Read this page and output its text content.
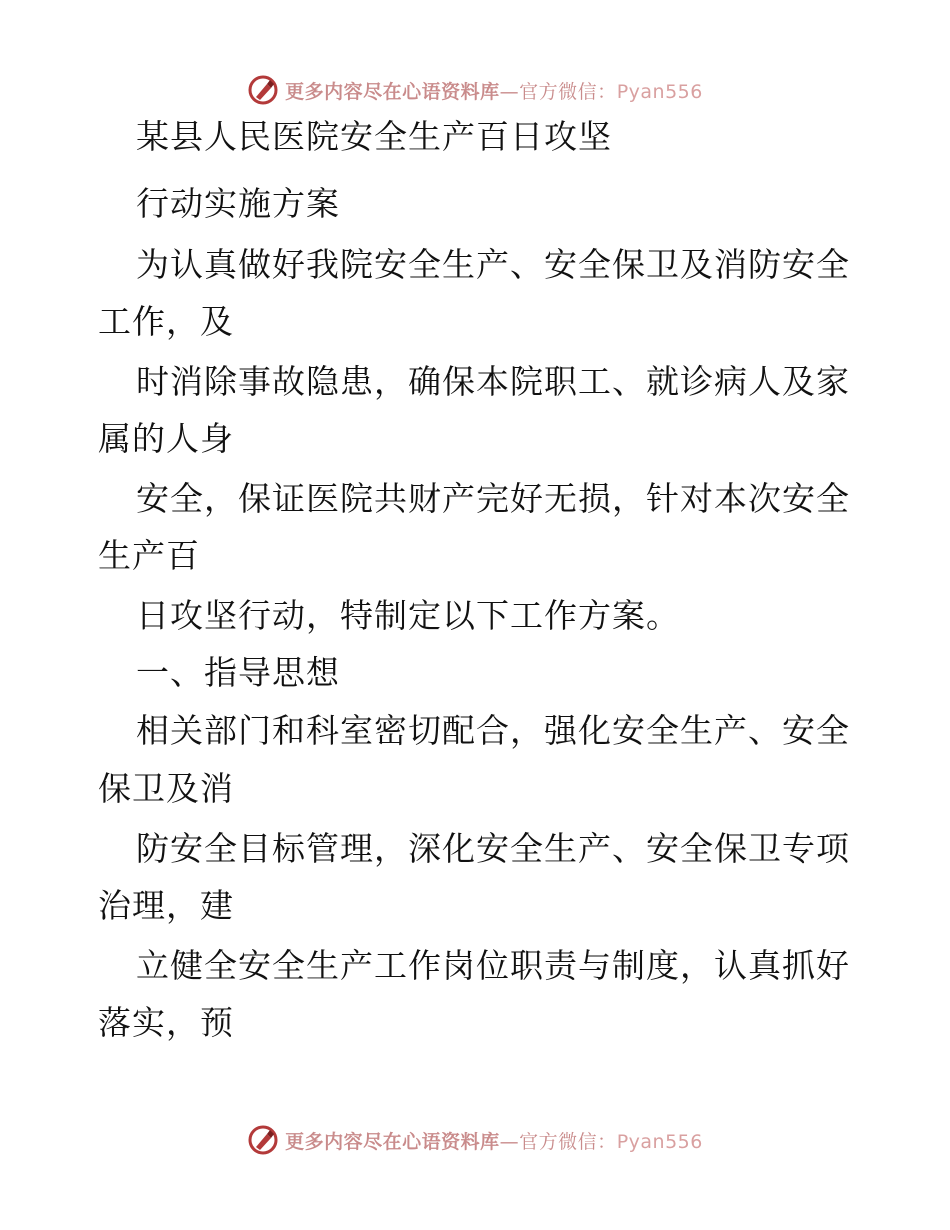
更多内容尽在心语资料库—官方微信：Pyan556
某县人民医院安全生产百日攻坚
行动实施方案
为认真做好我院安全生产、安全保卫及消防安全
工作，及
时消除事故隐患，确保本院职工、就诊病人及家
属的人身
安全，保证医院共财产完好无损，针对本次安全
生产百
日攻坚行动，特制定以下工作方案。
一、指导思想
相关部门和科室密切配合，强化安全生产、安全
保卫及消
防安全目标管理，深化安全生产、安全保卫专项
治理，建
立健全安全生产工作岗位职责与制度，认真抓好
落实，预
更多内容尽在心语资料库—官方微信：Pyan556
